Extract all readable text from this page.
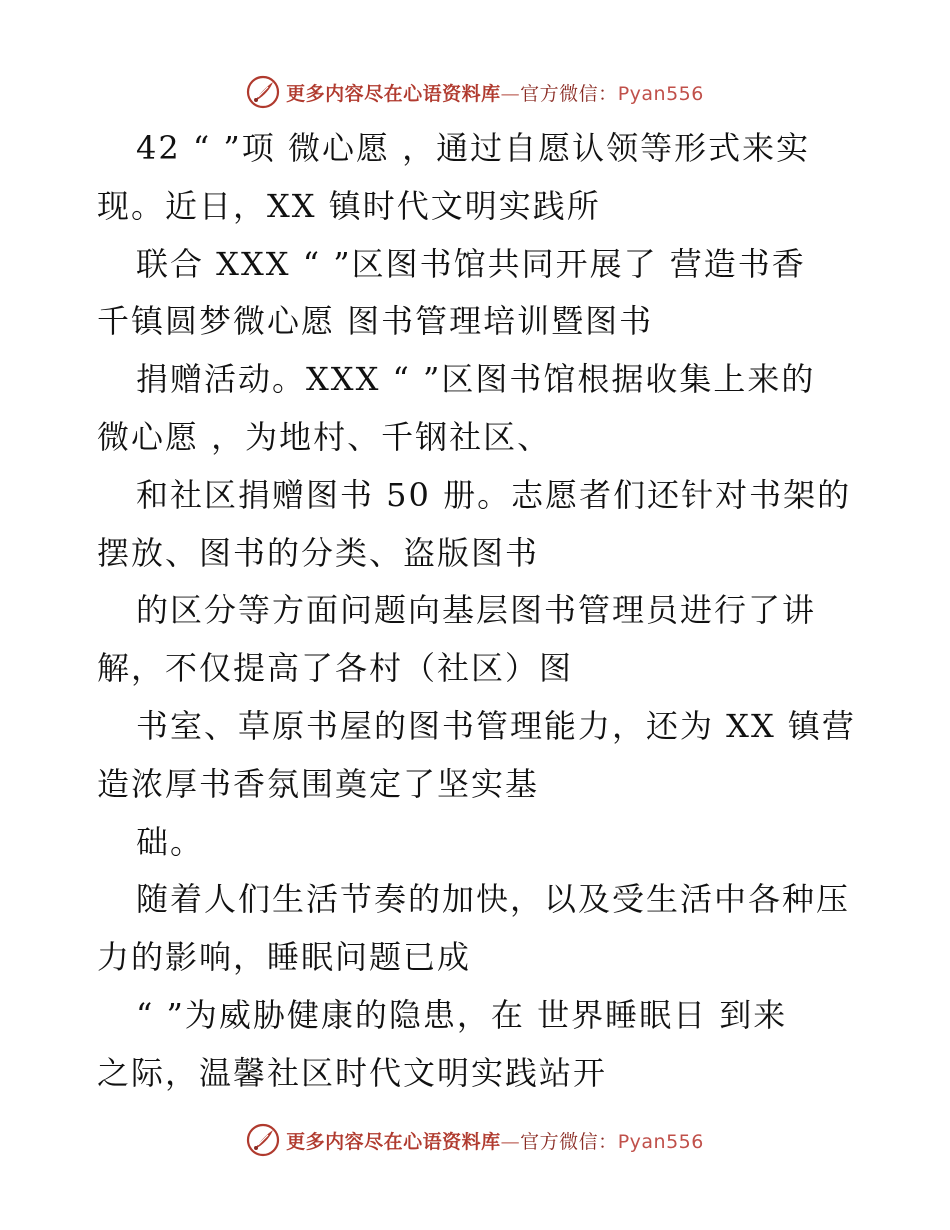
更多内容尽在心语资料库—官方微信：Pyan556
42 “ ”项 微心愿 ，通过自愿认领等形式来实
现。近日，XX 镇时代文明实践所
联合 XXX “ ”区图书馆共同开展了 营造书香
千镇圆梦微心愿 图书管理培训暨图书
捐赠活动。XXX “ ”区图书馆根据收集上来的
微心愿 ，为地村、千钢社区、
和社区捐赠图书 50 册。志愿者们还针对书架的
摆放、图书的分类、盗版图书
的区分等方面问题向基层图书管理员进行了讲
解，不仅提高了各村（社区）图
书室、草原书屋的图书管理能力，还为 XX 镇营
造浓厚书香氛围奠定了坚实基
础。
随着人们生活节奏的加快，以及受生活中各种压
力的影响，睡眠问题已成
“ ”为威胁健康的隐患，在 世界睡眠日 到来
之际，温馨社区时代文明实践站开
更多内容尽在心语资料库—官方微信：Pyan556
